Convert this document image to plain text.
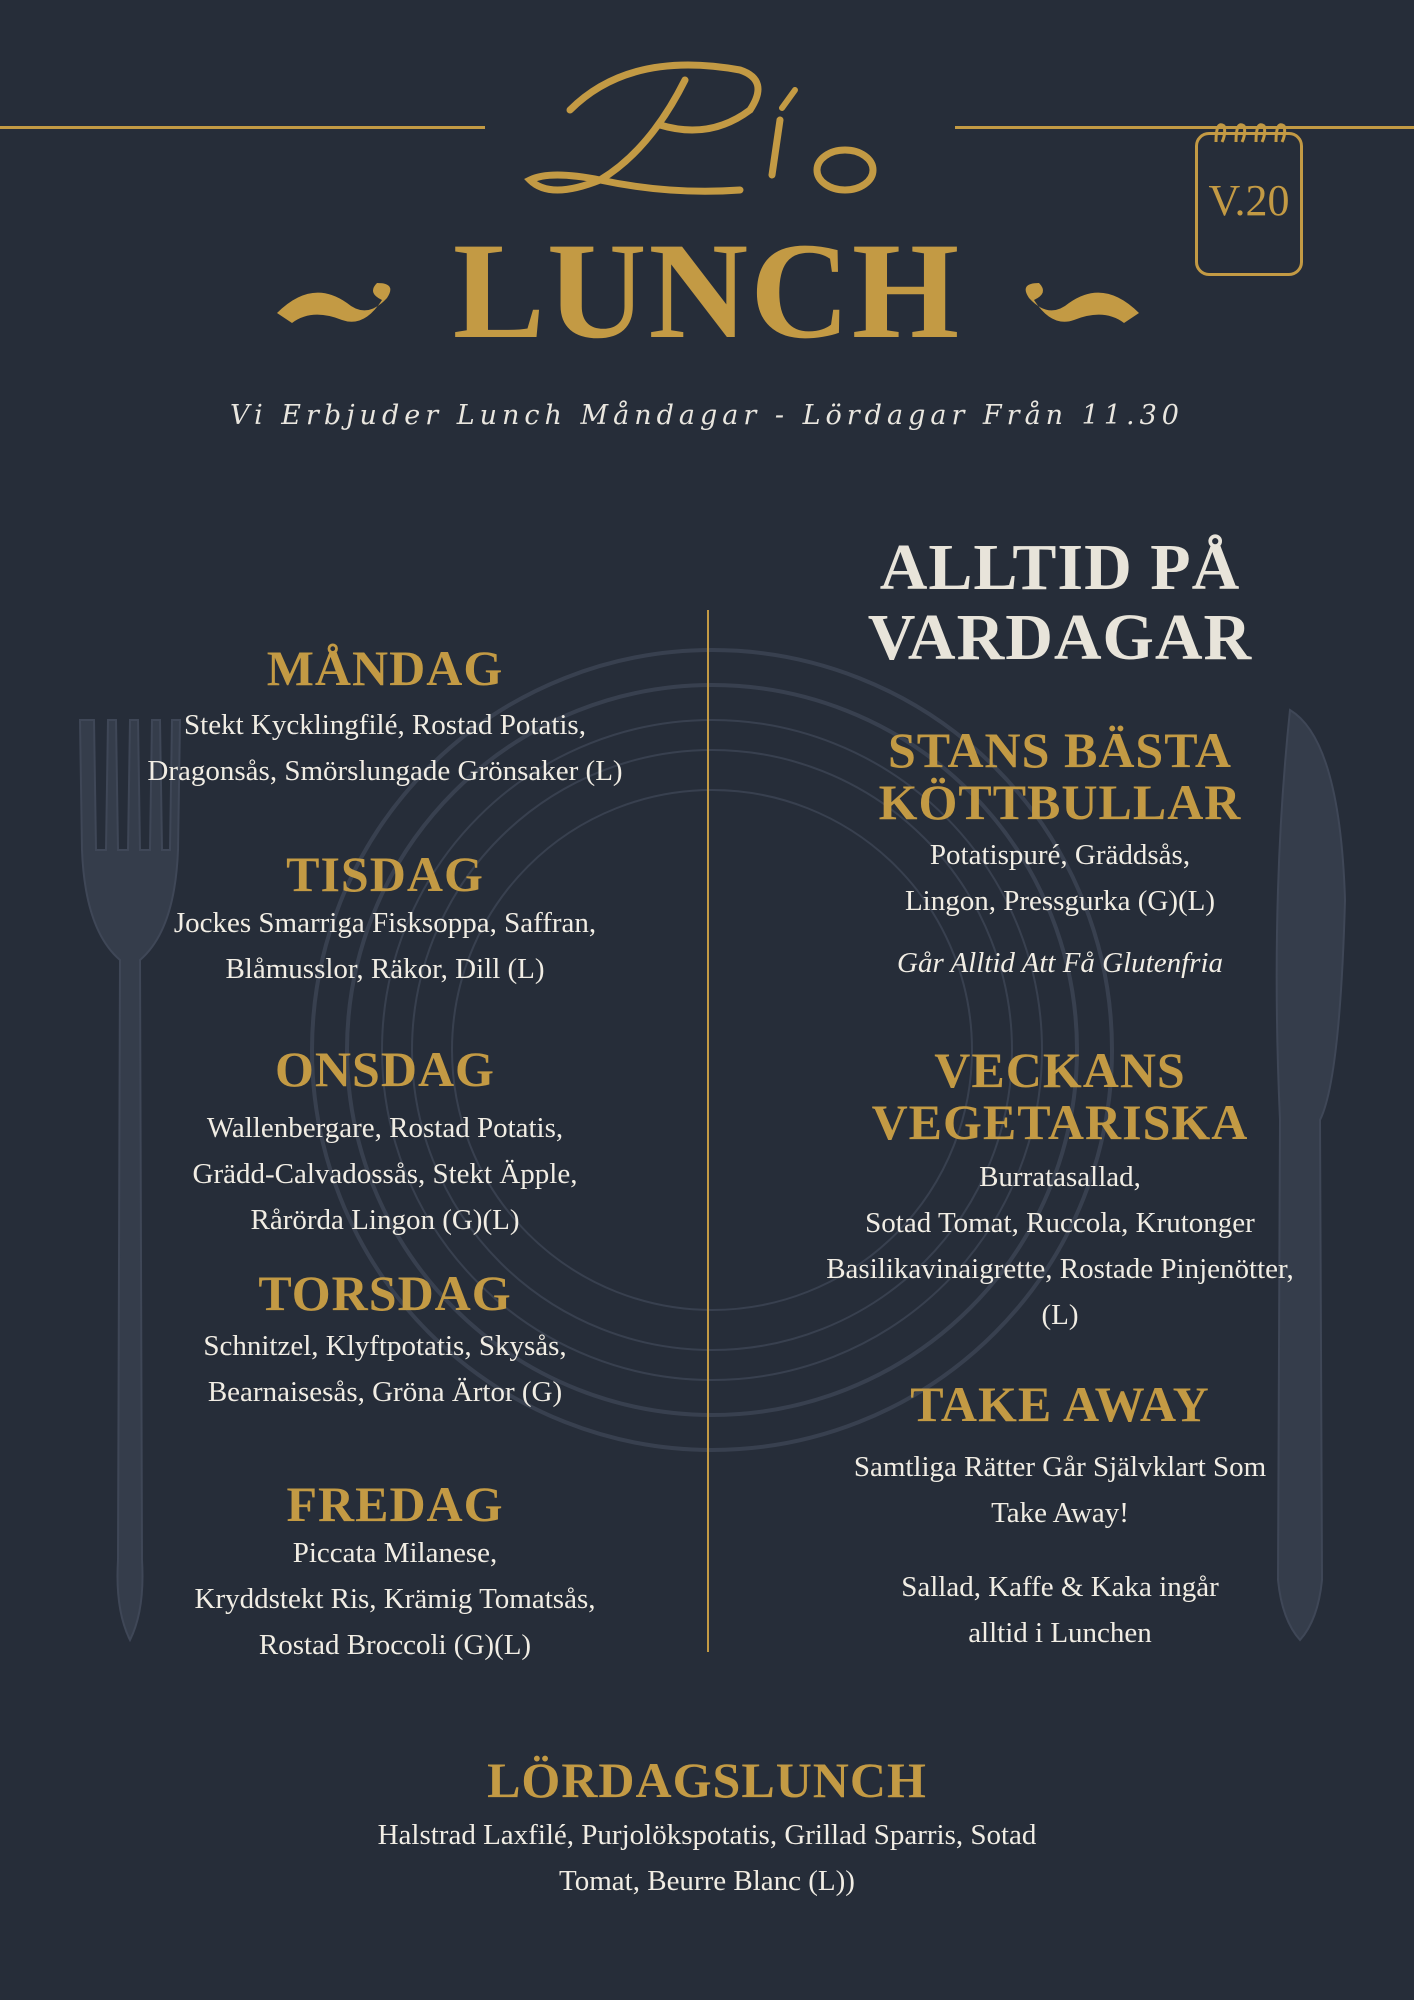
V.20
LUNCH
Vi Erbjuder Lunch Måndagar - Lördagar Från 11.30
MÅNDAG
Stekt Kycklingfilé, Rostad Potatis,
Dragonsås, Smörslungade Grönsaker (L)
TISDAG
Jockes Smarriga Fisksoppa, Saffran,
Blåmusslor, Räkor, Dill (L)
ONSDAG
Wallenbergare, Rostad Potatis,
Grädd-Calvadossås, Stekt Äpple,
Rårörda Lingon (G)(L)
TORSDAG
Schnitzel, Klyftpotatis, Skysås,
Bearnaisesås, Gröna Ärtor (G)
FREDAG
Piccata Milanese,
Kryddstekt Ris, Krämig Tomatsås,
Rostad Broccoli (G)(L)
ALLTID PÅ
VARDAGAR
STANS BÄSTA
KÖTTBULLAR
Potatispuré, Gräddsås,
Lingon, Pressgurka (G)(L)
Går Alltid Att Få Glutenfria
VECKANS
VEGETARISKA
Burratasallad,
Sotad Tomat, Ruccola, Krutonger
Basilikavinaigrette, Rostade Pinjenötter,
(L)
TAKE AWAY
Samtliga Rätter Går Självklart Som
Take Away!
Sallad, Kaffe & Kaka ingår
alltid i Lunchen
LÖRDAGSLUNCH
Halstrad Laxfilé, Purjolökspotatis, Grillad Sparris, Sotad
Tomat, Beurre Blanc (L))
